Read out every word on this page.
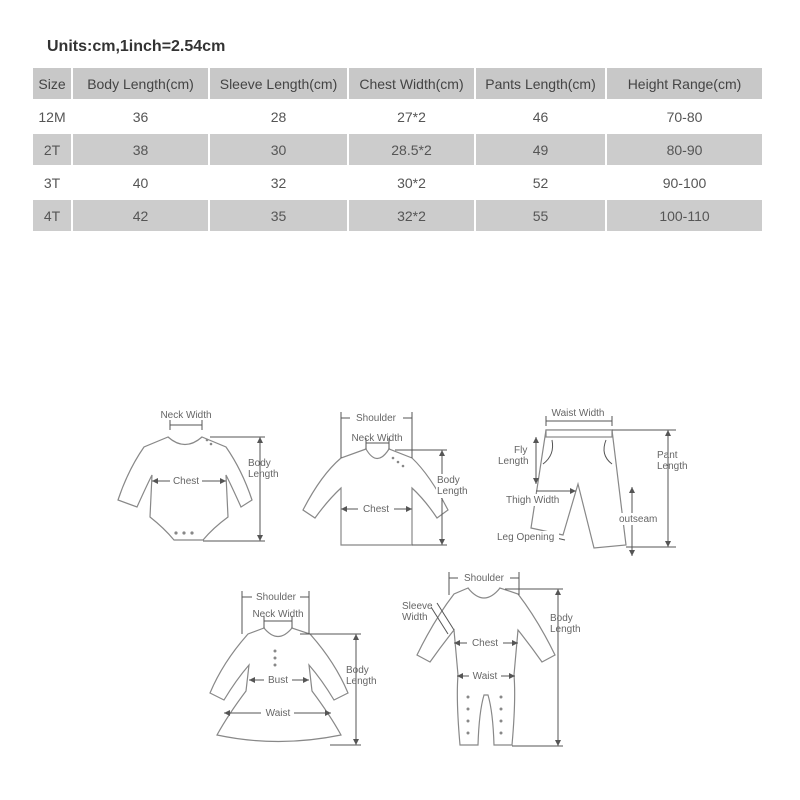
Units:cm,1inch=2.54cm
Size	Body Length(cm)	Sleeve Length(cm)	Chest Width(cm)	Pants Length(cm)	Height Range(cm)
12M	36	28	27*2	46	70-80
2T	38	30	28.5*2	49	80-90
3T	40	32	30*2	52	90-100
4T	42	35	32*2	55	100-110
Neck Width
Chest
Body
Length
Shoulder
Neck Width
Chest
Body
Length
Waist Width
Fly
Length
Thigh Width
Leg Opening
outseam
Pant
Length
Shoulder
Neck Width
Bust
Waist
Body
Length
Shoulder
Sleeve
Width
Chest
Waist
Body
Length
